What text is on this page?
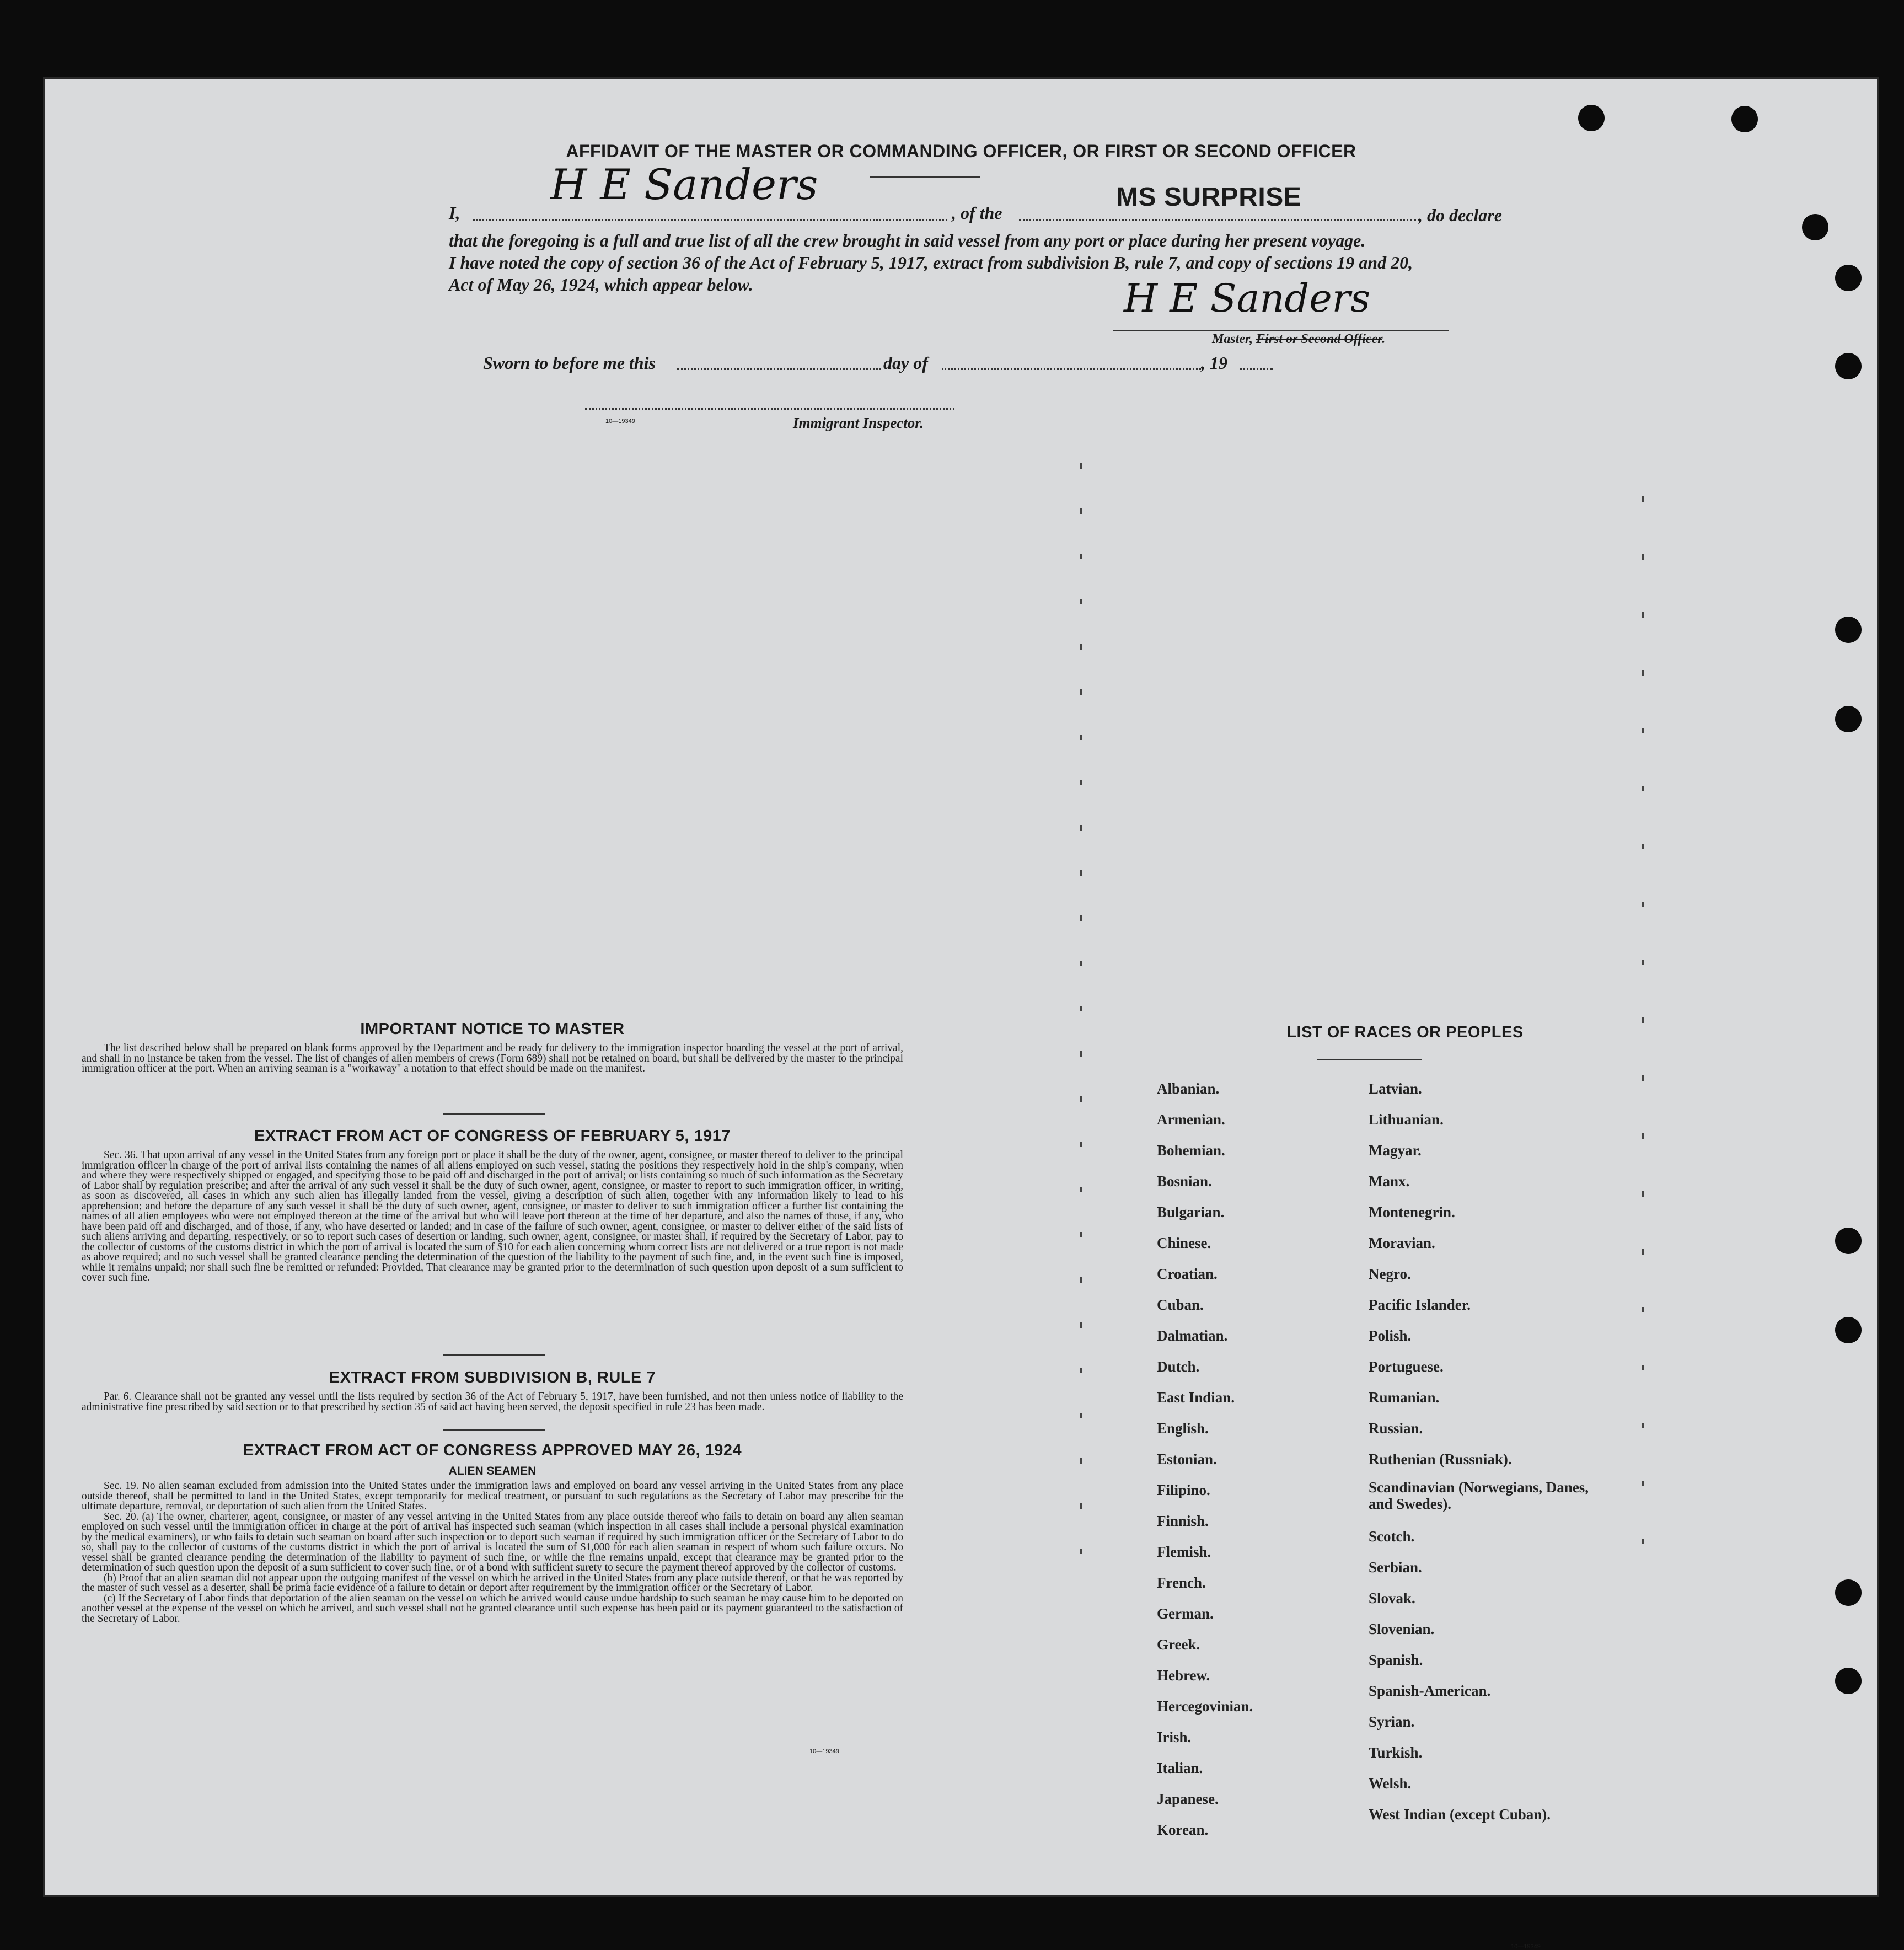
AFFIDAVIT OF THE MASTER OR COMMANDING OFFICER, OR FIRST OR SECOND OFFICER
I,
H E Sanders
, of the
MS SURPRISE
, do declare
that the foregoing is a full and true list of all the crew brought in said vessel from any port or place during her present voyage.
I have noted the copy of section 36 of the Act of February 5, 1917, extract from subdivision B, rule 7, and copy of sections 19 and 20,
Act of May 26, 1924, which appear below.	H E Sanders
Master, First or Second Officer.
Sworn to before me this	day of	, 19
10—19349	Immigrant Inspector.
IMPORTANT NOTICE TO MASTER
The list described below shall be prepared on blank forms approved by the Department and be ready for delivery to the immigration inspector boarding the vessel at the port of arrival, and shall in no instance be taken from the vessel. The list of changes of alien members of crews (Form 689) shall not be retained on board, but shall be delivered by the master to the principal immigration officer at the port. When an arriving seaman is a "workaway" a notation to that effect should be made on the manifest.
EXTRACT FROM ACT OF CONGRESS OF FEBRUARY 5, 1917
Sec. 36. That upon arrival of any vessel in the United States from any foreign port or place it shall be the duty of the owner, agent, consignee, or master thereof to deliver to the principal immigration officer in charge of the port of arrival lists containing the names of all aliens employed on such vessel, stating the positions they respectively hold in the ship's company, when and where they were respectively shipped or engaged, and specifying those to be paid off and discharged in the port of arrival; or lists containing so much of such information as the Secretary of Labor shall by regulation prescribe; and after the arrival of any such vessel it shall be the duty of such owner, agent, consignee, or master to report to such immigration officer, in writing, as soon as discovered, all cases in which any such alien has illegally landed from the vessel, giving a description of such alien, together with any information likely to lead to his apprehension; and before the departure of any such vessel it shall be the duty of such owner, agent, consignee, or master to deliver to such immigration officer a further list containing the names of all alien employees who were not employed thereon at the time of the arrival but who will leave port thereon at the time of her departure, and also the names of those, if any, who have been paid off and discharged, and of those, if any, who have deserted or landed; and in case of the failure of such owner, agent, consignee, or master to deliver either of the said lists of such aliens arriving and departing, respectively, or so to report such cases of desertion or landing, such owner, agent, consignee, or master shall, if required by the Secretary of Labor, pay to the collector of customs of the customs district in which the port of arrival is located the sum of $10 for each alien concerning whom correct lists are not delivered or a true report is not made as above required; and no such vessel shall be granted clearance pending the determination of the question of the liability to the payment of such fine, and, in the event such fine is imposed, while it remains unpaid; nor shall such fine be remitted or refunded: Provided, That clearance may be granted prior to the determination of such question upon deposit of a sum sufficient to cover such fine.
EXTRACT FROM SUBDIVISION B, RULE 7
Par. 6. Clearance shall not be granted any vessel until the lists required by section 36 of the Act of February 5, 1917, have been furnished, and not then unless notice of liability to the administrative fine prescribed by said section or to that prescribed by section 35 of said act having been served, the deposit specified in rule 23 has been made.
EXTRACT FROM ACT OF CONGRESS APPROVED MAY 26, 1924
ALIEN SEAMEN
Sec. 19. No alien seaman excluded from admission into the United States under the immigration laws and employed on board any vessel arriving in the United States from any place outside thereof, shall be permitted to land in the United States, except temporarily for medical treatment, or pursuant to such regulations as the Secretary of Labor may prescribe for the ultimate departure, removal, or deportation of such alien from the United States.
Sec. 20. (a) The owner, charterer, agent, consignee, or master of any vessel arriving in the United States from any place outside thereof who fails to detain on board any alien seaman employed on such vessel until the immigration officer in charge at the port of arrival has inspected such seaman (which inspection in all cases shall include a personal physical examination by the medical examiners), or who fails to detain such seaman on board after such inspection or to deport such seaman if required by such immigration officer or the Secretary of Labor to do so, shall pay to the collector of customs of the customs district in which the port of arrival is located the sum of $1,000 for each alien seaman in respect of whom such failure occurs. No vessel shall be granted clearance pending the determination of the liability to payment of such fine, or while the fine remains unpaid, except that clearance may be granted prior to the determination of such question upon the deposit of a sum sufficient to cover such fine, or of a bond with sufficient surety to secure the payment thereof approved by the collector of customs.
(b) Proof that an alien seaman did not appear upon the outgoing manifest of the vessel on which he arrived in the United States from any place outside thereof, or that he was reported by the master of such vessel as a deserter, shall be prima facie evidence of a failure to detain or deport after requirement by the immigration officer or the Secretary of Labor.
(c) If the Secretary of Labor finds that deportation of the alien seaman on the vessel on which he arrived would cause undue hardship to such seaman he may cause him to be deported on another vessel at the expense of the vessel on which he arrived, and such vessel shall not be granted clearance until such expense has been paid or its payment guaranteed to the satisfaction of the Secretary of Labor.
10—19349
LIST OF RACES OR PEOPLES
Albanian.
Armenian.
Bohemian.
Bosnian.
Bulgarian.
Chinese.
Croatian.
Cuban.
Dalmatian.
Dutch.
East Indian.
English.
Estonian.
Filipino.
Finnish.
Flemish.
French.
German.
Greek.
Hebrew.
Hercegovinian.
Irish.
Italian.
Japanese.
Korean.
Latvian.
Lithuanian.
Magyar.
Manx.
Montenegrin.
Moravian.
Negro.
Pacific Islander.
Polish.
Portuguese.
Rumanian.
Russian.
Ruthenian (Russniak).
Scandinavian (Norwegians, Danes, and Swedes).
Scotch.
Serbian.
Slovak.
Slovenian.
Spanish.
Spanish-American.
Syrian.
Turkish.
Welsh.
West Indian (except Cuban).
10—19349
